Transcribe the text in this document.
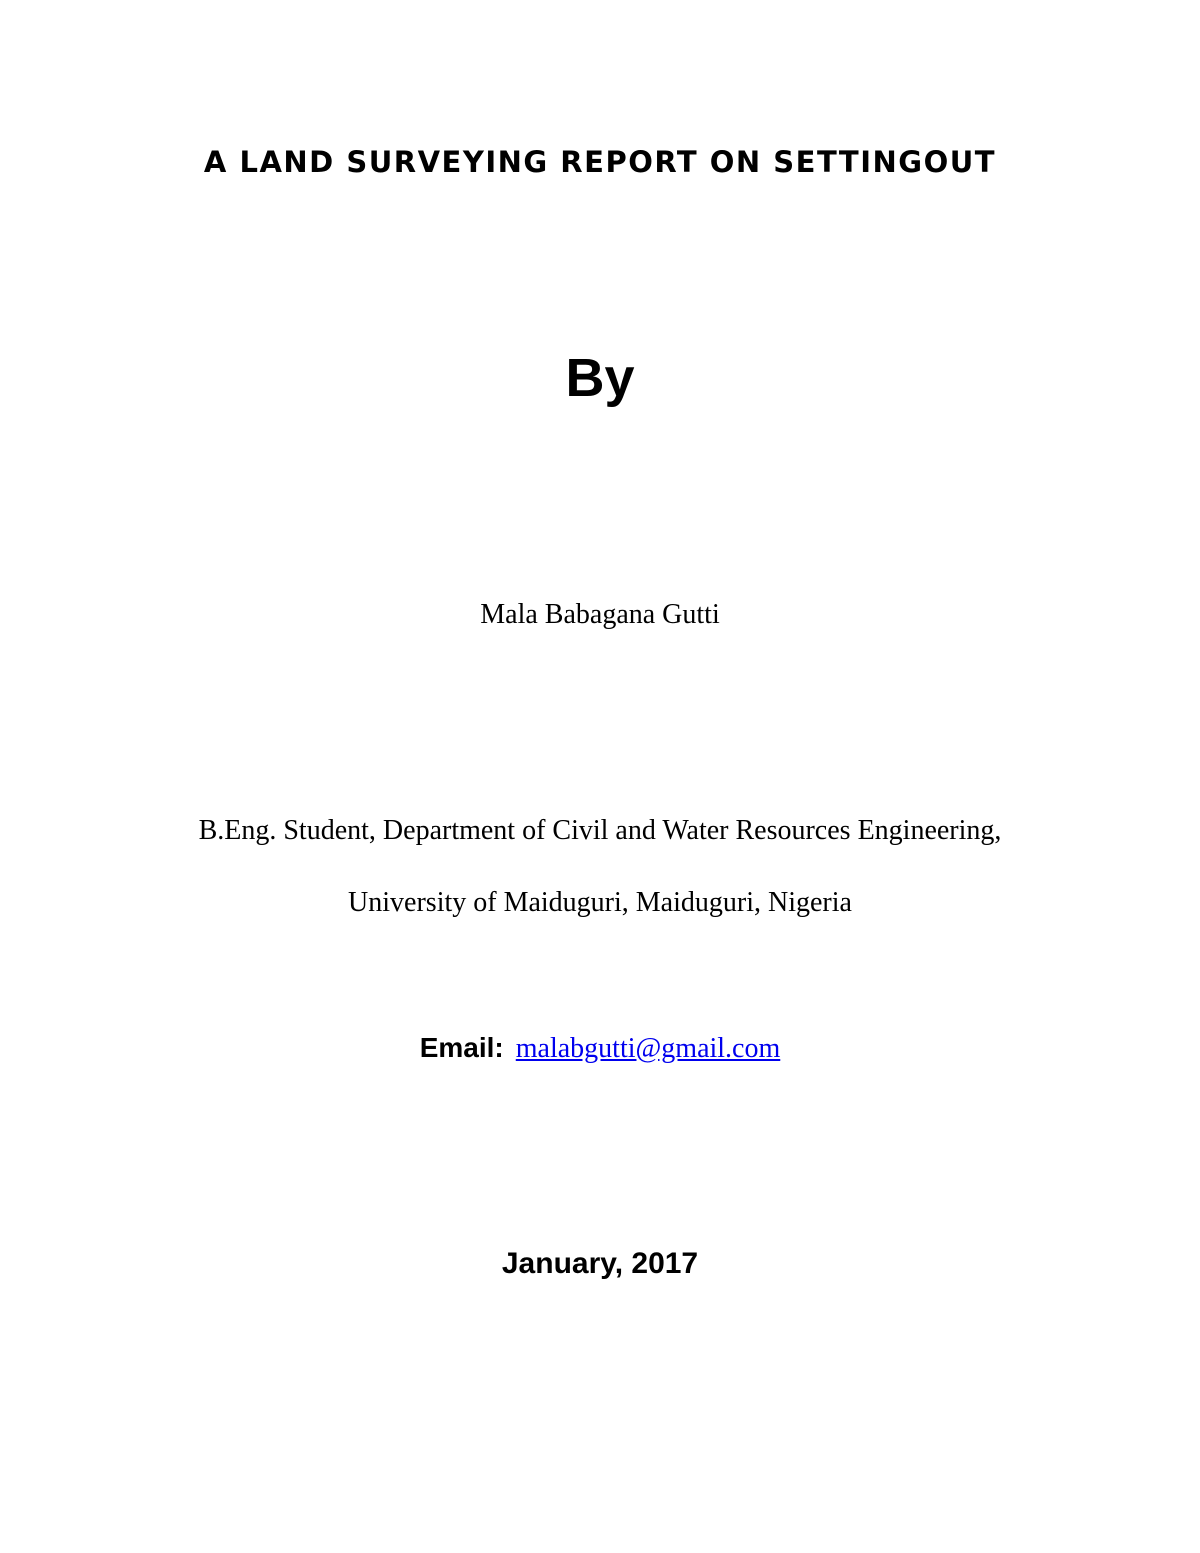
A LAND SURVEYING REPORT ON SETTINGOUT
By
Mala Babagana Gutti
B.Eng. Student, Department of Civil and Water Resources Engineering,
University of Maiduguri, Maiduguri, Nigeria
Email: malabgutti@gmail.com
January, 2017
